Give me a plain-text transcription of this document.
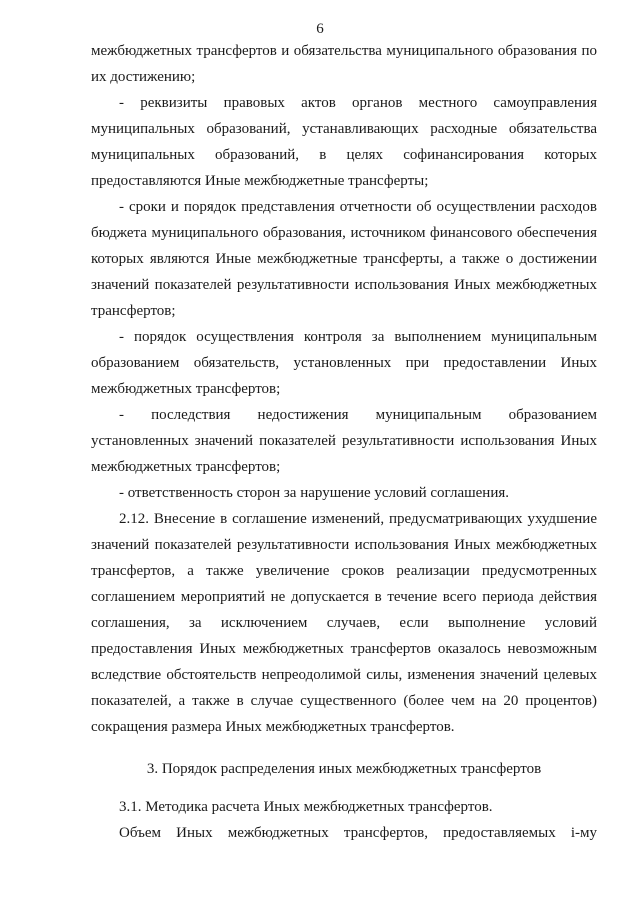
6

межбюджетных трансфертов и обязательства муниципального образования по их достижению;

- реквизиты правовых актов органов местного самоуправления муниципальных образований, устанавливающих расходные обязательства муниципальных образований, в целях софинансирования которых предоставляются Иные межбюджетные трансферты;

- сроки и порядок представления отчетности об осуществлении расходов бюджета муниципального образования, источником финансового обеспечения которых являются Иные межбюджетные трансферты, а также о достижении значений показателей результативности использования Иных межбюджетных трансфертов;

- порядок осуществления контроля за выполнением муниципальным образованием обязательств, установленных при предоставлении Иных межбюджетных трансфертов;

- последствия недостижения муниципальным образованием установленных значений показателей результативности использования Иных межбюджетных трансфертов;

- ответственность сторон за нарушение условий соглашения.

2.12. Внесение в соглашение изменений, предусматривающих ухудшение значений показателей результативности использования Иных межбюджетных трансфертов, а также увеличение сроков реализации предусмотренных соглашением мероприятий не допускается в течение всего периода действия соглашения, за исключением случаев, если выполнение условий предоставления Иных межбюджетных трансфертов оказалось невозможным вследствие обстоятельств непреодолимой силы, изменения значений целевых показателей, а также в случае существенного (более чем на 20 процентов) сокращения размера Иных межбюджетных трансфертов.

3. Порядок распределения иных межбюджетных трансфертов

3.1. Методика расчета Иных межбюджетных трансфертов.

Объем Иных межбюджетных трансфертов, предоставляемых i-му
